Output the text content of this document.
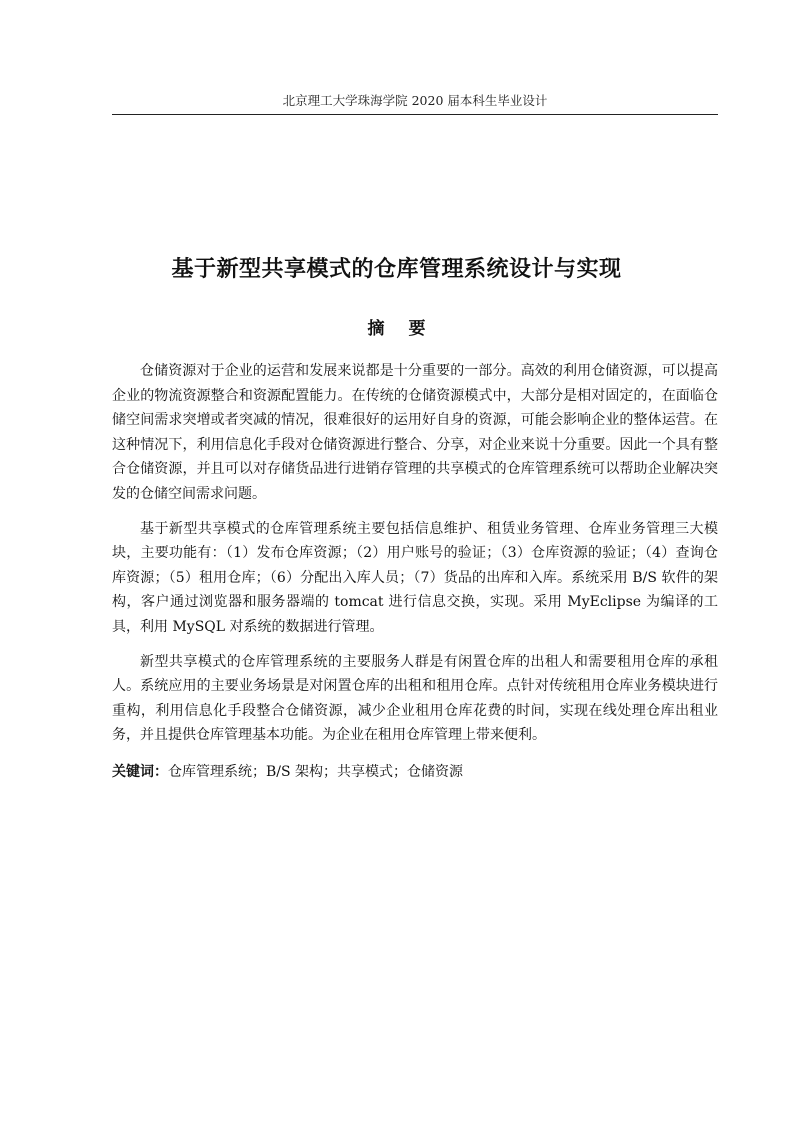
北京理工大学珠海学院 2020 届本科生毕业设计
基于新型共享模式的仓库管理系统设计与实现
摘要

仓储资源对于企业的运营和发展来说都是十分重要的一部分。高效的利用仓储资源，可以提高企业的物流资源整合和资源配置能力。在传统的仓储资源模式中，大部分是相对固定的，在面临仓储空间需求突增或者突减的情况，很难很好的运用好自身的资源，可能会影响企业的整体运营。在这种情况下，利用信息化手段对仓储资源进行整合、分享，对企业来说十分重要。因此一个具有整合仓储资源，并且可以对存储货品进行进销存管理的共享模式的仓库管理系统可以帮助企业解决突发的仓储空间需求问题。

基于新型共享模式的仓库管理系统主要包括信息维护、租赁业务管理、仓库业务管理三大模块，主要功能有：（1）发布仓库资源；（2）用户账号的验证；（3）仓库资源的验证；（4）查询仓库资源；（5）租用仓库；（6）分配出入库人员；（7）货品的出库和入库。系统采用 B/S 软件的架构，客户通过浏览器和服务器端的 tomcat 进行信息交换，实现。采用 MyEclipse 为编译的工具，利用 MySQL 对系统的数据进行管理。

新型共享模式的仓库管理系统的主要服务人群是有闲置仓库的出租人和需要租用仓库的承租人。系统应用的主要业务场景是对闲置仓库的出租和租用仓库。点针对传统租用仓库业务模块进行重构，利用信息化手段整合仓储资源，减少企业租用仓库花费的时间，实现在线处理仓库出租业务，并且提供仓库管理基本功能。为企业在租用仓库管理上带来便利。

关键词：仓库管理系统；B/S 架构；共享模式；仓储资源
